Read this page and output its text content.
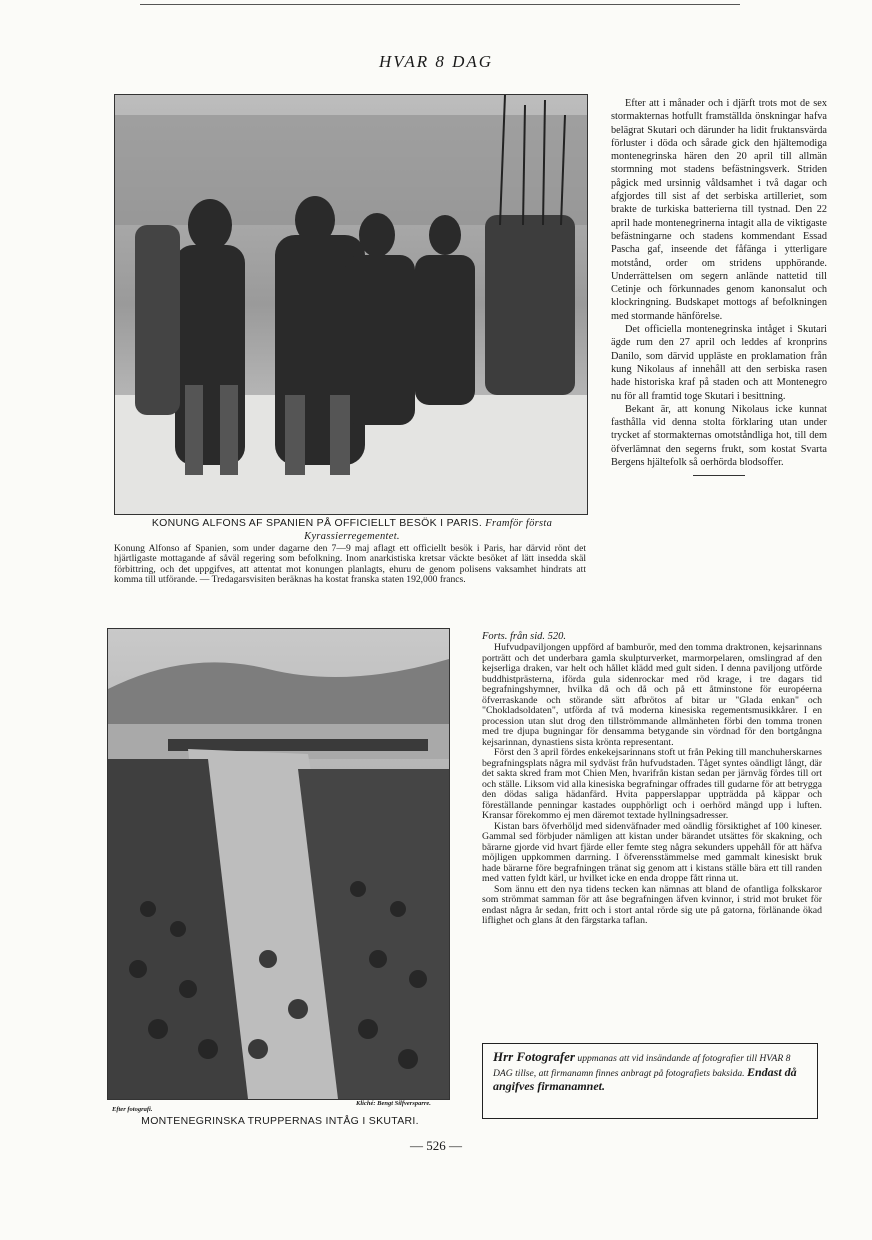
HVAR 8 DAG
KONUNG ALFONS AF SPANIEN PÅ OFFICIELLT BESÖK I PARIS. Framför första Kyrassierregementet.
Konung Alfonso af Spanien, som under dagarne den 7—9 maj aflagt ett officiellt besök i Paris, har därvid rönt det hjärtligaste mottagande af såväl regering som befolkning. Inom anarkistiska kretsar väckte besöket af lätt insedda skäl förbittring, och det uppgifves, att attentat mot konungen planlagts, ehuru de genom polisens vaksamhet hindrats att komma till utförande. — Tredagarsvisiten beräknas ha kostat franska staten 192,000 francs.

Efter att i månader och i djärft trots mot de sex stormakternas hotfullt framställda önskningar hafva belägrat Skutari och därunder ha lidit fruktansvärda förluster i döda och sårade gick den hjältemodiga montenegrinska hären den 20 april till allmän stormning mot stadens befästningsverk. Striden pågick med ursinnig våldsamhet i två dagar och afgjordes till sist af det serbiska artilleriet, som brakte de turkiska batterierna till tystnad. Den 22 april hade montenegrinerna intagit alla de viktigaste befästningarne och stadens kommendant Essad Pascha gaf, inseende det fåfänga i ytterligare motstånd, order om stridens upphörande. Underrättelsen om segern anlände nattetid till Cetinje och förkunnades genom kanonsalut och klockringning. Budskapet mottogs af befolkningen med stormande hänförelse.

Det officiella montenegrinska intåget i Skutari ägde rum den 27 april och leddes af kronprins Danilo, som därvid uppläste en proklamation från kung Nikolaus af innehåll att den serbiska rasen hade historiska kraf på staden och att Montenegro nu för all framtid toge Skutari i besittning.

Bekant är, att konung Nikolaus icke kunnat fasthålla vid denna stolta förklaring utan under trycket af stormakternas omotståndliga hot, till dem öfverlämnat den segerns frukt, som kostat Svarta Bergens hjältefolk så oerhörda blodsoffer.

Efter fotografi.
Kliché: Bengt Silfversparre.
MONTENEGRINSKA TRUPPERNAS INTÅG I SKUTARI.
Forts. från sid. 520.

Hufvudpaviljongen uppförd af bamburör, med den tomma draktronen, kejsarinnans porträtt och det underbara gamla skulpturverket, marmorpelaren, omslingrad af den kejserliga draken, var helt och hållet klädd med gult siden. I denna paviljong utförde buddhistprästerna, iförda gula sidenrockar med röd krage, i tre dagars tid begrafningshymner, hvilka då och då och på ett åtminstone för européerna öfverraskande och störande sätt afbrötos af bitar ur "Glada enkan" och "Chokladsoldaten", utförda af två moderna kinesiska regementsmusikkårer. I en procession utan slut drog den tillströmmande allmänheten förbi den tomma tronen med tre djupa bugningar för densamma betygande sin vördnad för den bortgångna kejsarinnan, dynastiens sista krönta representant.

Först den 3 april fördes enkekejsarinnans stoft ut från Peking till manchuherskarnes begrafningsplats några mil sydväst från hufvudstaden. Tåget syntes oändligt långt, där det sakta skred fram mot Chien Men, hvarifrån kistan sedan per järnväg fördes till ort och ställe. Liksom vid alla kinesiska begrafningar offrades till gudarne för att betrygga den dödas saliga hädanfärd. Hvita papperslappar uppträdda på käppar och föreställande penningar kastades oupphörligt och i oerhörd mängd upp i luften. Kransar förekommo ej men däremot textade hyllningsadresser.

Kistan bars öfverhöljd med sidenväfnader med oändlig försiktighet af 100 kineser. Gammal sed förbjuder nämligen att kistan under bärandet utsättes för skakning, och bärarne gjorde vid hvart fjärde eller femte steg några sekunders uppehåll för att häfva möjligen uppkommen darrning. I öfverensstämmelse med gammalt kinesiskt bruk hade bärarne före begrafningen tränat sig genom att i kistans ställe bära ett till randen med vatten fyldt kärl, ur hvilket icke en enda droppe fått rinna ut.

Som ännu ett den nya tidens tecken kan nämnas att bland de ofantliga folkskaror som strömmat samman för att åse begrafningen äfven kvinnor, i strid mot bruket för endast några år sedan, fritt och i stort antal rörde sig ute på gatorna, förlänande ökad liflighet och glans åt den färgstarka taflan.

Hrr Fotografer uppmanas att vid insändande af fotografier till HVAR 8 DAG tillse, att firmanamn finnes anbragt på fotografiets baksida. Endast då angifves firmanamnet.
— 526 —
